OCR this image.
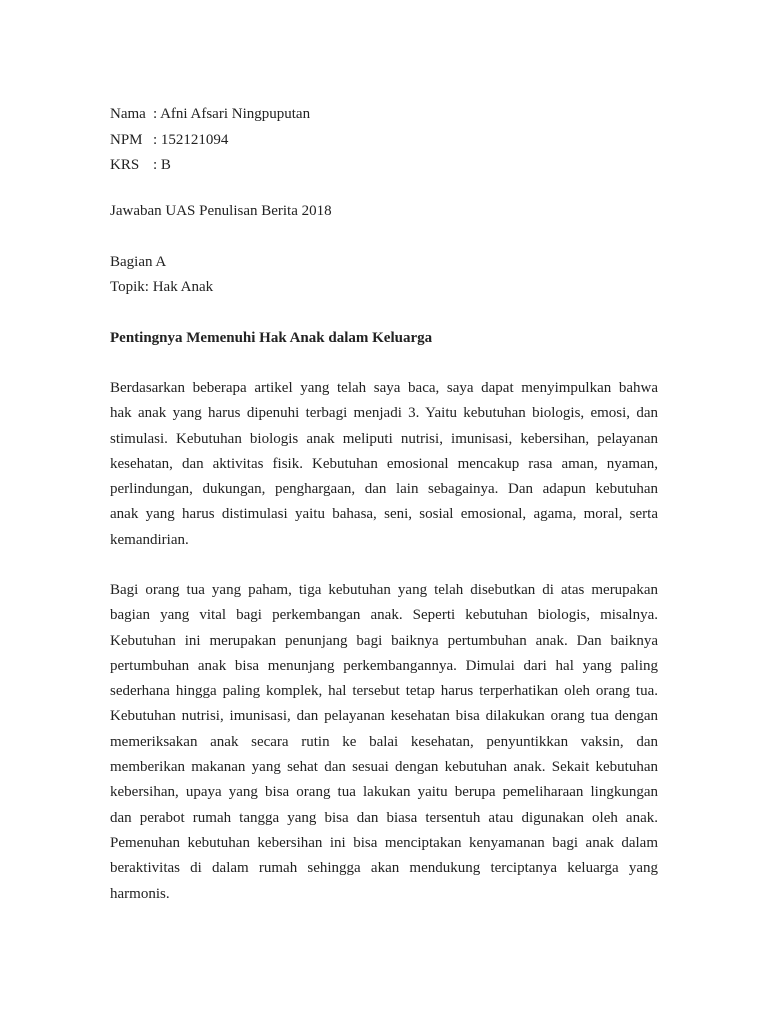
Nama : Afni Afsari Ningpuputan
NPM : 152121094
KRS : B
Jawaban UAS Penulisan Berita 2018
Bagian A
Topik: Hak Anak
Pentingnya Memenuhi Hak Anak dalam Keluarga
Berdasarkan beberapa artikel yang telah saya baca, saya dapat menyimpulkan bahwa
hak anak yang harus dipenuhi terbagi menjadi 3. Yaitu kebutuhan biologis, emosi, dan
stimulasi. Kebutuhan biologis anak meliputi nutrisi, imunisasi, kebersihan, pelayanan
kesehatan, dan aktivitas fisik. Kebutuhan emosional mencakup rasa aman, nyaman,
perlindungan, dukungan, penghargaan, dan lain sebagainya. Dan adapun kebutuhan
anak yang harus distimulasi yaitu bahasa, seni, sosial emosional, agama, moral, serta
kemandirian.
Bagi orang tua yang paham, tiga kebutuhan yang telah disebutkan di atas merupakan
bagian yang vital bagi perkembangan anak. Seperti kebutuhan biologis, misalnya.
Kebutuhan ini merupakan penunjang bagi baiknya pertumbuhan anak. Dan baiknya
pertumbuhan anak bisa menunjang perkembangannya. Dimulai dari hal yang paling
sederhana hingga paling komplek, hal tersebut tetap harus terperhatikan oleh orang tua.
Kebutuhan nutrisi, imunisasi, dan pelayanan kesehatan bisa dilakukan orang tua dengan
memeriksakan anak secara rutin ke balai kesehatan, penyuntikkan vaksin, dan
memberikan makanan yang sehat dan sesuai dengan kebutuhan anak. Sekait kebutuhan
kebersihan, upaya yang bisa orang tua lakukan yaitu berupa pemeliharaan lingkungan
dan perabot rumah tangga yang bisa dan biasa tersentuh atau digunakan oleh anak.
Pemenuhan kebutuhan kebersihan ini bisa menciptakan kenyamanan bagi anak dalam
beraktivitas di dalam rumah sehingga akan mendukung terciptanya keluarga yang
harmonis.
